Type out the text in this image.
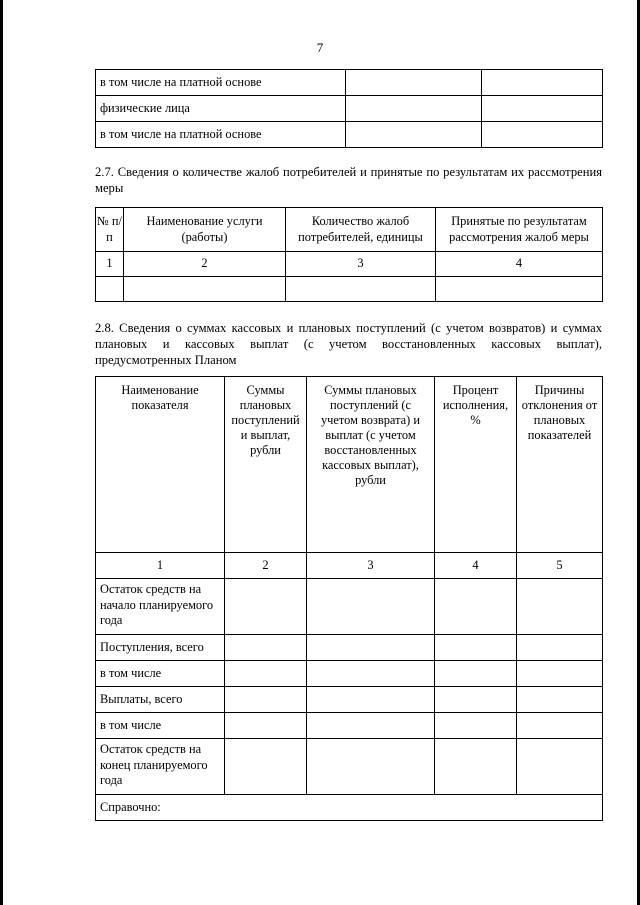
7
в том числе на платной основе		
физические лица		
в том числе на платной основе		
2.7. Сведения о количестве жалоб потребителей и принятые по результатам их рассмотрения меры
№ п/п	Наименование услуги (работы)	Количество жалоб потребителей, единицы	Принятые по результатам рассмотрения жалоб меры
1	2	3	4

2.8. Сведения о суммах кассовых и плановых поступлений (с учетом возвратов) и суммах плановых и кассовых выплат (с учетом восстановленных кассовых выплат), предусмотренных Планом
Наименование показателя	Суммы плановых поступлений и выплат, рубли	Суммы плановых поступлений (с учетом возврата) и выплат (с учетом восстановленных кассовых выплат), рубли	Процент исполнения, %	Причины отклонения от плановых показателей
1	2	3	4	5
Остаток средств на начало планируемого года				
Поступления, всего				
в том числе				
Выплаты, всего				
в том числе				
Остаток средств на конец планируемого года				
Справочно:				
